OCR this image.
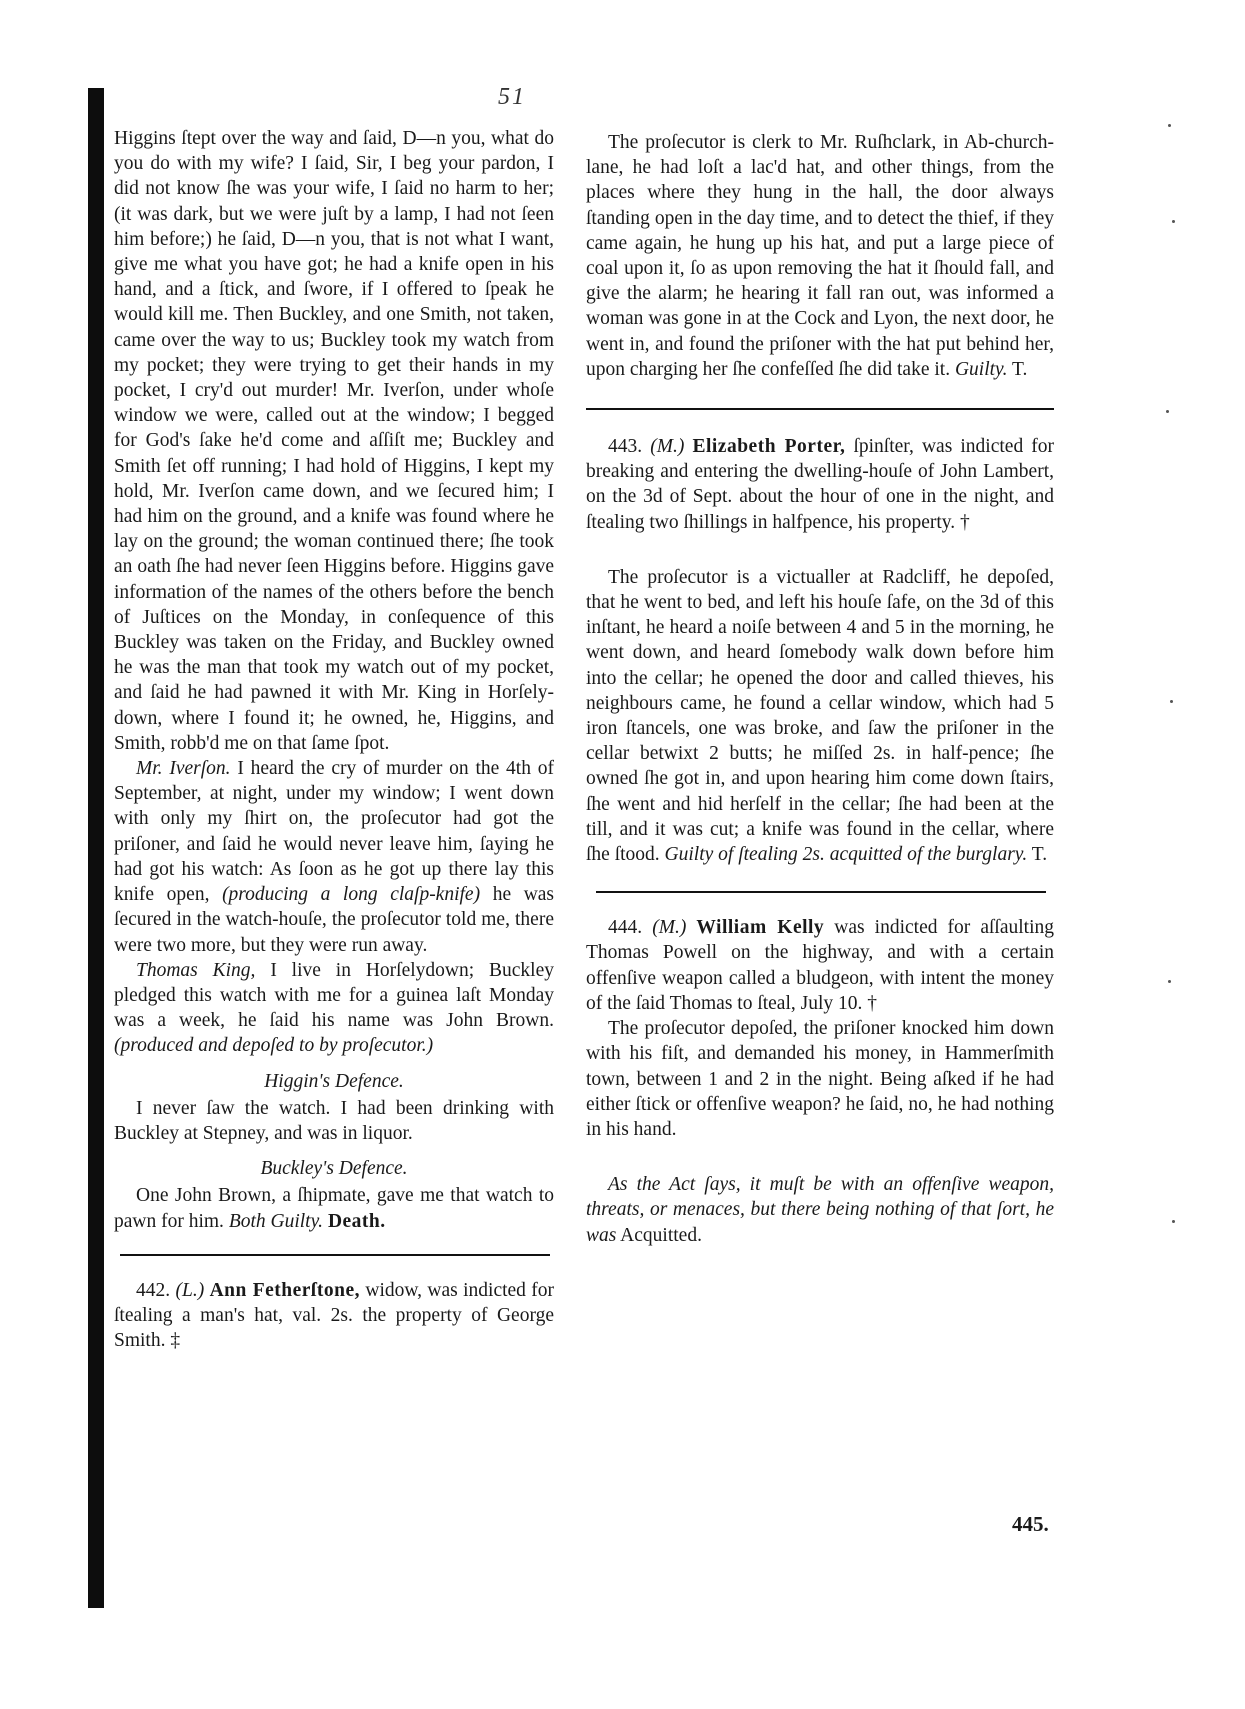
51

Higgins ſtept over the way and ſaid, D—n you, what do you do with my wife? I ſaid, Sir, I beg your pardon, I did not know ſhe was your wife, I ſaid no harm to her; (it was dark, but we were juſt by a lamp, I had not ſeen him before;) he ſaid, D—n you, that is not what I want, give me what you have got; he had a knife open in his hand, and a ſtick, and ſwore, if I offered to ſpeak he would kill me. Then Buckley, and one Smith, not taken, came over the way to us; Buckley took my watch from my pocket; they were trying to get their hands in my pocket, I cry'd out murder! Mr. Iverſon, under whoſe window we were, called out at the window; I begged for God's ſake he'd come and aſſiſt me; Buckley and Smith ſet off running; I had hold of Higgins, I kept my hold, Mr. Iverſon came down, and we ſecured him; I had him on the ground, and a knife was found where he lay on the ground; the woman continued there; ſhe took an oath ſhe had never ſeen Higgins before. Higgins gave information of the names of the others before the bench of Juſtices on the Monday, in conſequence of this Buckley was taken on the Friday, and Buckley owned he was the man that took my watch out of my pocket, and ſaid he had pawned it with Mr. King in Horſely-down, where I found it; he owned, he, Higgins, and Smith, robb'd me on that ſame ſpot.

Mr. Iverſon. I heard the cry of murder on the 4th of September, at night, under my window; I went down with only my ſhirt on, the proſecutor had got the priſoner, and ſaid he would never leave him, ſaying he had got his watch: As ſoon as he got up there lay this knife open, (producing a long claſp-knife) he was ſecured in the watch-houſe, the proſecutor told me, there were two more, but they were run away.

Thomas King, I live in Horſelydown; Buckley pledged this watch with me for a guinea laſt Monday was a week, he ſaid his name was John Brown. (produced and depoſed to by proſecutor.)

Higgin's Defence.

I never ſaw the watch. I had been drinking with Buckley at Stepney, and was in liquor.

Buckley's Defence.

One John Brown, a ſhipmate, gave me that watch to pawn for him. Both Guilty. Death.

442. (L.) Ann Fetherſtone, widow, was indicted for ſtealing a man's hat, val. 2s. the property of George Smith. ‡

The proſecutor is clerk to Mr. Ruſhclark, in Ab-church-lane, he had loſt a lac'd hat, and other things, from the places where they hung in the hall, the door always ſtanding open in the day time, and to detect the thief, if they came again, he hung up his hat, and put a large piece of coal upon it, ſo as upon removing the hat it ſhould fall, and give the alarm; he hearing it fall ran out, was informed a woman was gone in at the Cock and Lyon, the next door, he went in, and found the priſoner with the hat put behind her, upon charging her ſhe confeſſed ſhe did take it. Guilty. T.

443. (M.) Elizabeth Porter, ſpinſter, was indicted for breaking and entering the dwelling-houſe of John Lambert, on the 3d of Sept. about the hour of one in the night, and ſtealing two ſhillings in halfpence, his property. †

The proſecutor is a victualler at Radcliff, he depoſed, that he went to bed, and left his houſe ſafe, on the 3d of this inſtant, he heard a noiſe between 4 and 5 in the morning, he went down, and heard ſomebody walk down before him into the cellar; he opened the door and called thieves, his neighbours came, he found a cellar window, which had 5 iron ſtancels, one was broke, and ſaw the priſoner in the cellar betwixt 2 butts; he miſſed 2s. in half-pence; ſhe owned ſhe got in, and upon hearing him come down ſtairs, ſhe went and hid herſelf in the cellar; ſhe had been at the till, and it was cut; a knife was found in the cellar, where ſhe ſtood. Guilty of ſtealing 2s. acquitted of the burglary. T.

444. (M.) William Kelly was indicted for aſſaulting Thomas Powell on the highway, and with a certain offenſive weapon called a bludgeon, with intent the money of the ſaid Thomas to ſteal, July 10. †

The proſecutor depoſed, the priſoner knocked him down with his fiſt, and demanded his money, in Hammerſmith town, between 1 and 2 in the night. Being aſked if he had either ſtick or offenſive weapon? he ſaid, no, he had nothing in his hand.

As the Act ſays, it muſt be with an offenſive weapon, threats, or menaces, but there being nothing of that ſort, he was Acquitted.

445.
